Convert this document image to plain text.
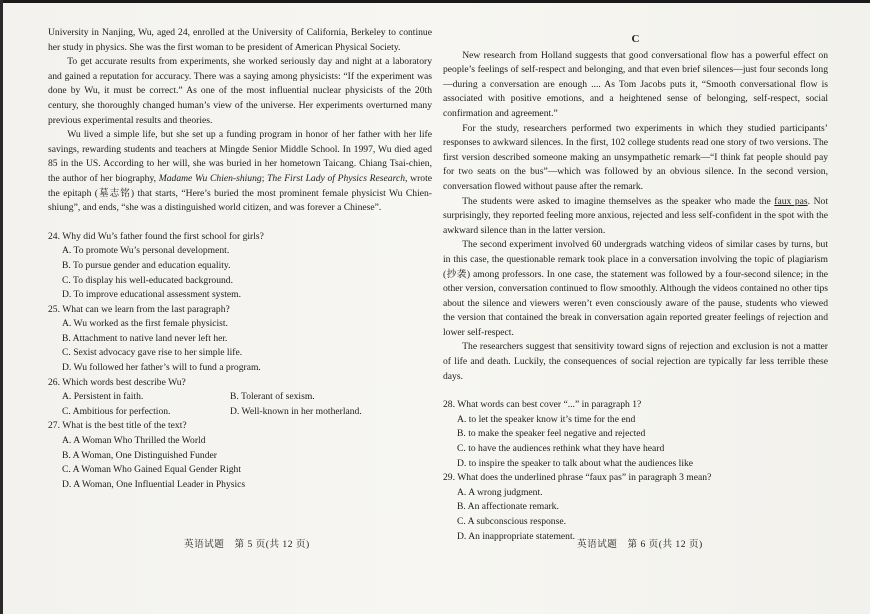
University in Nanjing, Wu, aged 24, enrolled at the University of California, Berkeley to continue her study in physics. She was the first woman to be president of American Physical Society.

To get accurate results from experiments, she worked seriously day and night at a laboratory and gained a reputation for accuracy. There was a saying among physicists: “If the experiment was done by Wu, it must be correct.” As one of the most influential nuclear physicists of the 20th century, she thoroughly changed human’s view of the universe. Her experiments overturned many previous experimental results and theories.

Wu lived a simple life, but she set up a funding program in honor of her father with her life savings, rewarding students and teachers at Mingde Senior Middle School. In 1997, Wu died aged 85 in the US. According to her will, she was buried in her hometown Taicang. Chiang Tsai-chien, the author of her biography, Madame Wu Chien-shiung; The First Lady of Physics Research, wrote the epitaph (墓志铭) that starts, “Here’s buried the most prominent female physicist Wu Chien-shiung”, and ends, “she was a distinguished world citizen, and was forever a Chinese”.

24. Why did Wu’s father found the first school for girls?

A. To promote Wu’s personal development.

B. To pursue gender and education equality.

C. To display his well-educated background.

D. To improve educational assessment system.

25. What can we learn from the last paragraph?

A. Wu worked as the first female physicist.

B. Attachment to native land never left her.

C. Sexist advocacy gave rise to her simple life.

D. Wu followed her father’s will to fund a program.

26. Which words best describe Wu?

A. Persistent in faith.	B. Tolerant of sexism.
C. Ambitious for perfection.	D. Well-known in her motherland.

27. What is the best title of the text?

A. A Woman Who Thrilled the World

B. A Woman, One Distinguished Funder

C. A Woman Who Gained Equal Gender Right

D. A Woman, One Influential Leader in Physics

C

New research from Holland suggests that good conversational flow has a powerful effect on people’s feelings of self-respect and belonging, and that even brief silences—just four seconds long—during a conversation are enough .... As Tom Jacobs puts it, “Smooth conversational flow is associated with positive emotions, and a heightened sense of belonging, self-respect, social confirmation and agreement.”

For the study, researchers performed two experiments in which they studied participants’ responses to awkward silences. In the first, 102 college students read one story of two versions. The first version described someone making an unsympathetic remark—“I think fat people should pay for two seats on the bus”—which was followed by an obvious silence. In the second version, conversation flowed without pause after the remark.

The students were asked to imagine themselves as the speaker who made the faux pas. Not surprisingly, they reported feeling more anxious, rejected and less self-confident in the spot with the awkward silence than in the latter version.

The second experiment involved 60 undergrads watching videos of similar cases by turns, but in this case, the questionable remark took place in a conversation involving the topic of plagiarism (抄袭) among professors. In one case, the statement was followed by a four-second silence; in the other version, conversation continued to flow smoothly. Although the videos contained no other tips about the silence and viewers weren’t even consciously aware of the pause, students who viewed the version that contained the break in conversation again reported greater feelings of rejection and lower self-respect.

The researchers suggest that sensitivity toward signs of rejection and exclusion is not a matter of life and death. Luckily, the consequences of social rejection are typically far less terrible these days.

28. What words can best cover “...” in paragraph 1?

A. to let the speaker know it’s time for the end

B. to make the speaker feel negative and rejected

C. to have the audiences rethink what they have heard

D. to inspire the speaker to talk about what the audiences like

29. What does the underlined phrase “faux pas” in paragraph 3 mean?

A. A wrong judgment.

B. An affectionate remark.

C. A subconscious response.

D. An inappropriate statement.

英语试题　第 5 页(共 12 页)	英语试题　第 6 页(共 12 页)
